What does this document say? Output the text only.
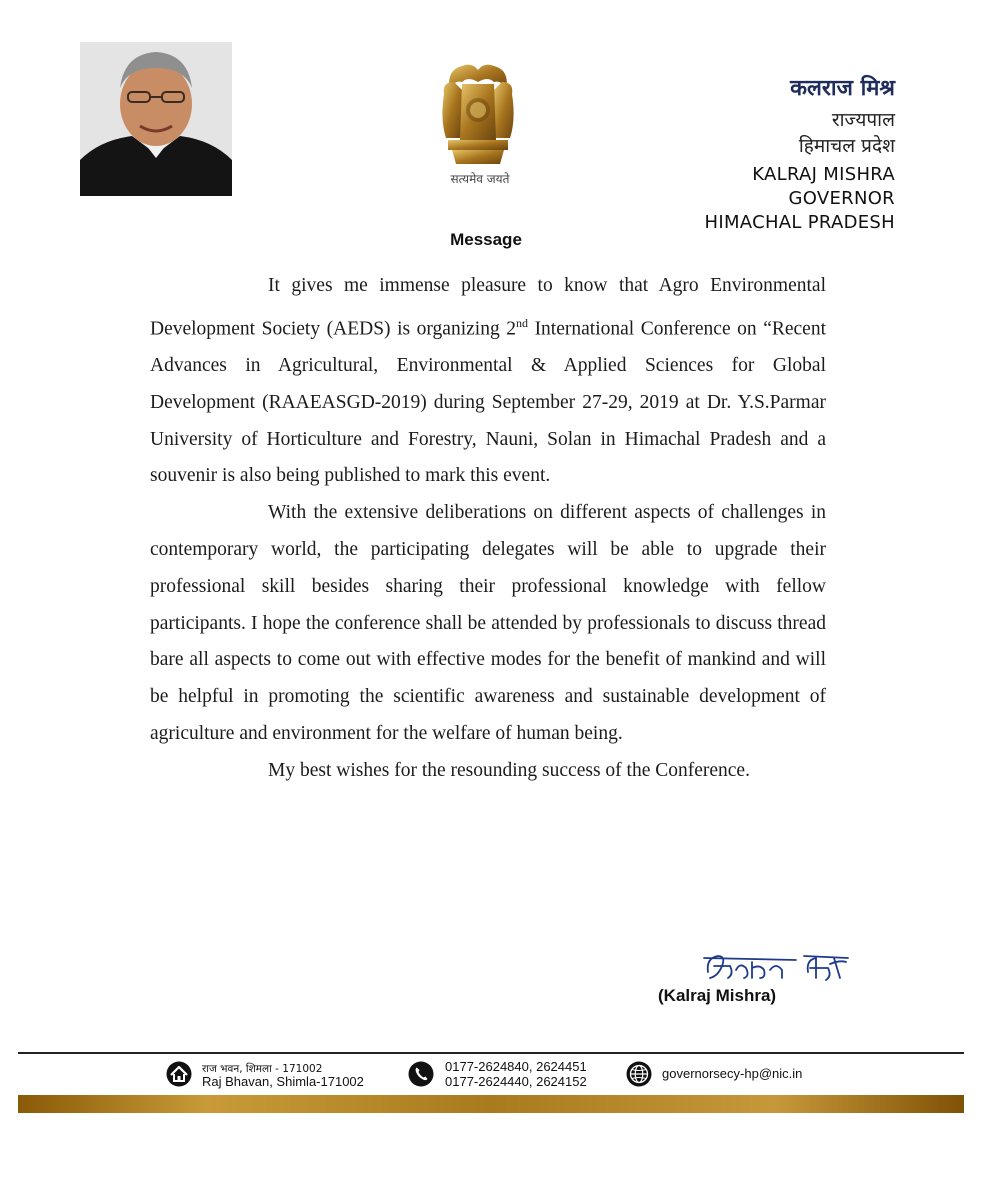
सत्यमेव जयते
कलराज मिश्र
राज्यपाल
हिमाचल प्रदेश
KALRAJ MISHRA
GOVERNOR
HIMACHAL PRADESH
Message

It gives me immense pleasure to know that Agro Environmental Development Society (AEDS) is organizing 2nd International Conference on “Recent Advances in Agricultural, Environmental & Applied Sciences for Global Development (RAAEASGD-2019) during September 27-29, 2019 at Dr. Y.S.Parmar University of Horticulture and Forestry, Nauni, Solan in Himachal Pradesh and a souvenir is also being published to mark this event.

With the extensive deliberations on different aspects of challenges in contemporary world, the participating delegates will be able to upgrade their professional skill besides sharing their professional knowledge with fellow participants. I hope the conference shall be attended by professionals to discuss thread bare all aspects to come out with effective modes for the benefit of mankind and will be helpful in promoting the scientific awareness and sustainable development of agriculture and environment for the welfare of human being.

My best wishes for the resounding success of the Conference.

(Kalraj Mishra)
राज भवन, शिमला - 171002
Raj Bhavan, Shimla-171002
0177-2624840, 2624451
0177-2624440, 2624152
governorsecy-hp@nic.in
